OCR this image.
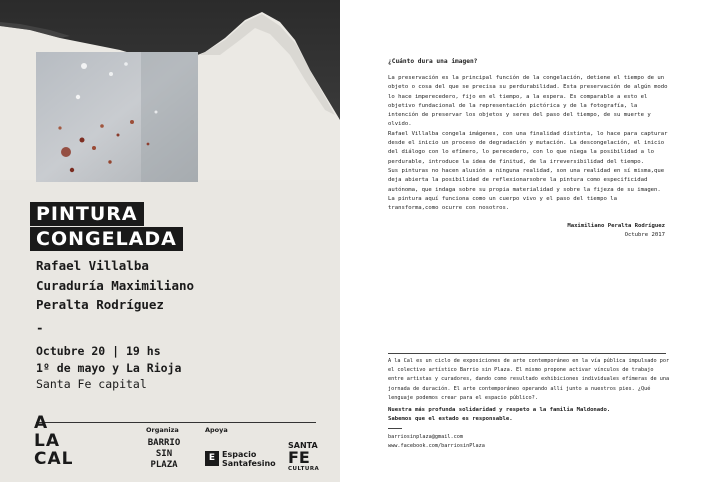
PINTURA
CONGELADA
Rafael Villalba
Curaduría Maximiliano
Peralta Rodríguez
-
Octubre 20 | 19 hs
1º de mayo y La Rioja
Santa Fe capital
A
LA
CAL
Organiza	Apoya
BARRIO
SIN
PLAZA
E Espacio
Santafesino
SANTA
FE
CULTURA
¿Cuánto dura una imagen?

La preservación es la principal función de la congelación, detiene el tiempo de un objeto o cosa del que se precisa su perdurabilidad. Esta preservación de algún modo lo hace imperecedero, fijo en el tiempo, a la espera. Es comparable a esto el objetivo fundacional de la representación pictórica y de la fotografía, la intención de preservar los objetos y seres del paso del tiempo, de su muerte y olvido.

Rafael Villalba congela imágenes, con una finalidad distinta, lo hace para capturar desde el inicio un proceso de degradación y mutación. La descongelación, el inicio del diálogo con lo efímero, lo perecedero, con lo que niega la posibilidad a lo perdurable, introduce la idea de finitud, de la irreversibilidad del tiempo.

Sus pinturas no hacen alusión a ninguna realidad, son una realidad en sí misma,que deja abierta la posibilidad de reflexionarsobre la pintura como especificidad autónoma, que indaga sobre su propia materialidad y sobre la fijeza de su imagen.

La pintura aquí funciona como un cuerpo vivo y el paso del tiempo la transforma,como ocurre con nosotros.

Maximiliano Peralta Rodríguez
Octubre 2017
A la Cal es un ciclo de exposiciones de arte contemporáneo en la vía pública impulsado por el colectivo artístico Barrio sin Plaza. El mismo propone activar vínculos de trabajo entre artistas y curadores, dando como resultado exhibiciones individuales efímeras de una jornada de duración. El arte contemporáneo operando allí junto a nuestros pies. ¿Qué lenguaje podemos crear para el espacio público?.
Nuestra más profunda solidaridad y respeto a la familia Maldonado.
Sabemos que el estado es responsable.
barriosinplaza@gmail.com
www.facebook.com/barriosinPlaza
